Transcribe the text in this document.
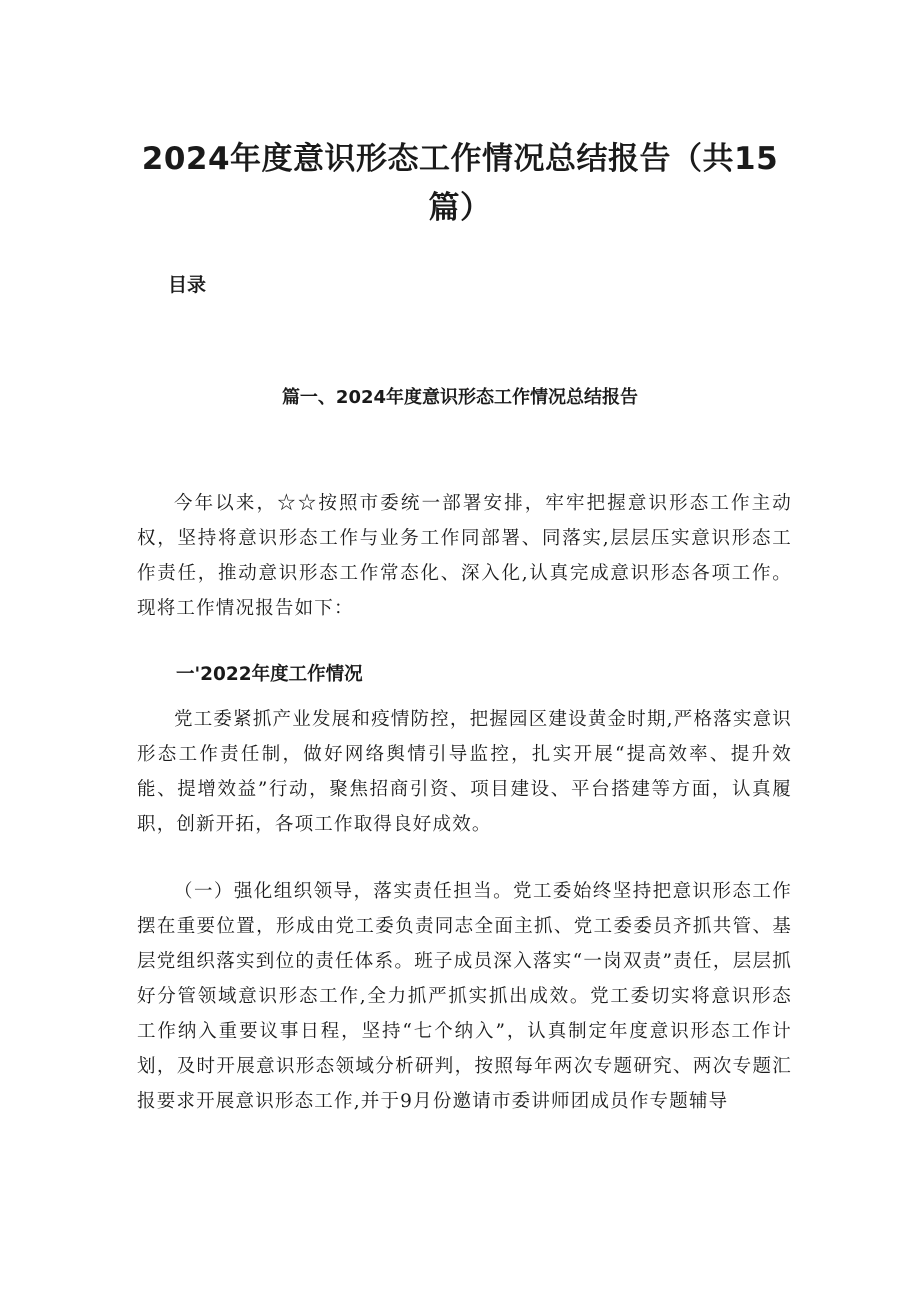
2024年度意识形态工作情况总结报告（共15篇）
目录
篇一、2024年度意识形态工作情况总结报告

今年以来，☆☆按照市委统一部署安排，牢牢把握意识形态工作主动权，坚持将意识形态工作与业务工作同部署、同落实,层层压实意识形态工作责任，推动意识形态工作常态化、深入化,认真完成意识形态各项工作。现将工作情况报告如下：

一'2022年度工作情况

党工委紧抓产业发展和疫情防控，把握园区建设黄金时期,严格落实意识形态工作责任制，做好网络舆情引导监控，扎实开展“提高效率、提升效能、提增效益”行动，聚焦招商引资、项目建设、平台搭建等方面，认真履职，创新开拓，各项工作取得良好成效。

（一）强化组织领导，落实责任担当。党工委始终坚持把意识形态工作摆在重要位置，形成由党工委负责同志全面主抓、党工委委员齐抓共管、基层党组织落实到位的责任体系。班子成员深入落实“一岗双责”责任，层层抓好分管领域意识形态工作,全力抓严抓实抓出成效。党工委切实将意识形态工作纳入重要议事日程，坚持“七个纳入”，认真制定年度意识形态工作计划，及时开展意识形态领域分析研判，按照每年两次专题研究、两次专题汇报要求开展意识形态工作,并于9月份邀请市委讲师团成员作专题辅导
